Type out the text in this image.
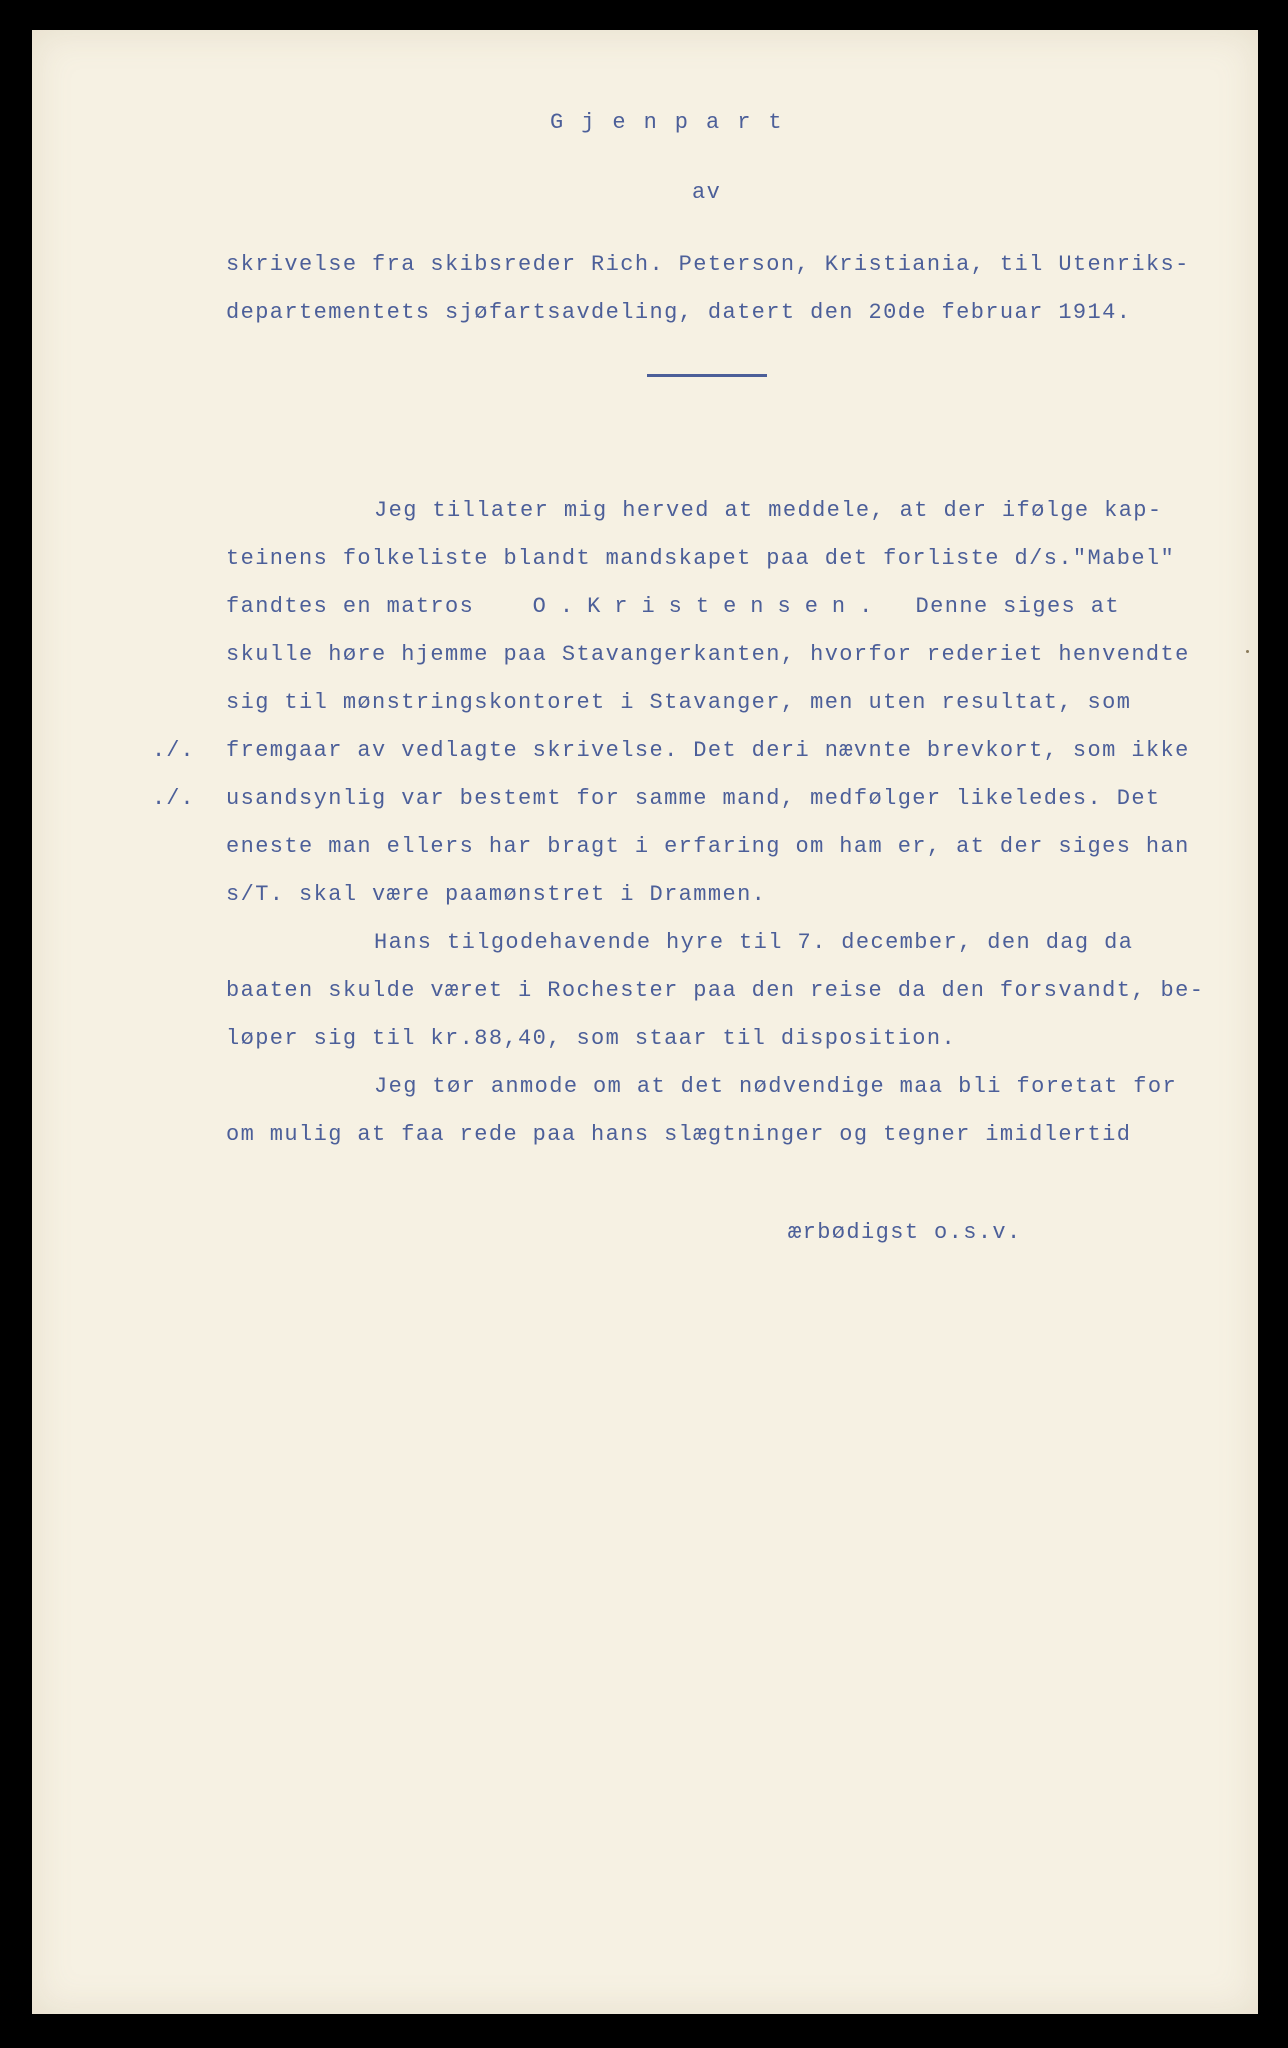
Gjenpart
av
skrivelse fra skibsreder Rich. Peterson, Kristiania, til Utenriks-
departementets sjøfartsavdeling, datert den 20de februar 1914.
Jeg tillater mig herved at meddele, at der ifølge kap-
teinens folkeliste blandt mandskapet paa det forliste d/s."Mabel"
fandtes en matros	O.Kristensen. Denne siges at
skulle høre hjemme paa Stavangerkanten, hvorfor rederiet henvendte
sig til mønstringskontoret i Stavanger, men uten resultat, som
./. fremgaar av vedlagte skrivelse. Det deri nævnte brevkort, som ikke
./. usandsynlig var bestemt for samme mand, medfølger likeledes. Det
eneste man ellers har bragt i erfaring om ham er, at der siges han
s/T. skal være paamønstret i Drammen.
Hans tilgodehavende hyre til 7. december, den dag da
baaten skulde været i Rochester paa den reise da den forsvandt, be-
løper sig til kr.88,40, som staar til disposition.
Jeg tør anmode om at det nødvendige maa bli foretat for
om mulig at faa rede paa hans slægtninger og tegner imidlertid
ærbødigst o.s.v.
